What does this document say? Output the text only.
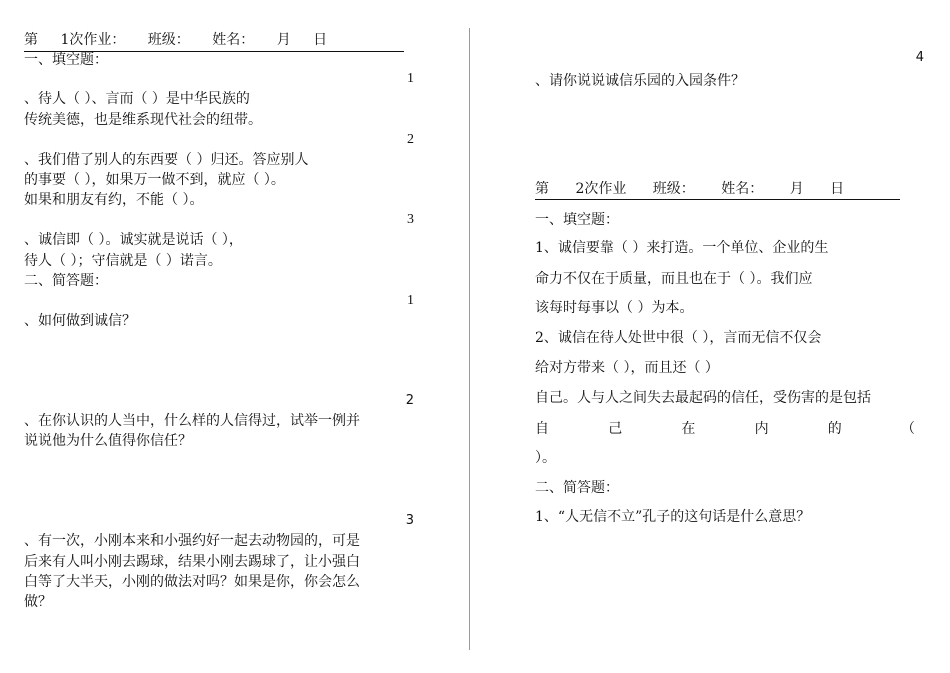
第 1次作业： 班级： 姓名： 月 日
一、填空题：
1
、待人（ ）、言而（ ）是中华民族的
传统美德，也是维系现代社会的纽带。
2
、我们借了别人的东西要（ ）归还。答应别人
的事要（ ），如果万一做不到，就应（ ）。
如果和朋友有约，不能（ ）。
3
、诚信即（ ）。诚实就是说话（ ），
待人（ ）；守信就是（ ）诺言。
二、简答题：
1
、如何做到诚信？
2
、在你认识的人当中，什么样的人信得过，试举一例并
说说他为什么值得你信任？
3
、有一次，小刚本来和小强约好一起去动物园的，可是
后来有人叫小刚去踢球，结果小刚去踢球了，让小强白
白等了大半天，小刚的做法对吗？如果是你，你会怎么
做？
4
、请你说说诚信乐园的入园条件？
第 2次作业 班级： 姓名： 月 日
一、填空题：
1、诚信要靠（ ）来打造。一个单位、企业的生
命力不仅在于质量，而且也在于（ ）。我们应
该每时每事以（ ）为本。
2、诚信在待人处世中很（ ），言而无信不仅会
给对方带来（ ），而且还（ ）
自己。人与人之间失去最起码的信任，受伤害的是包括
自	己	在	内	的	（
）。
二、简答题：
1、“人无信不立”孔子的这句话是什么意思？
